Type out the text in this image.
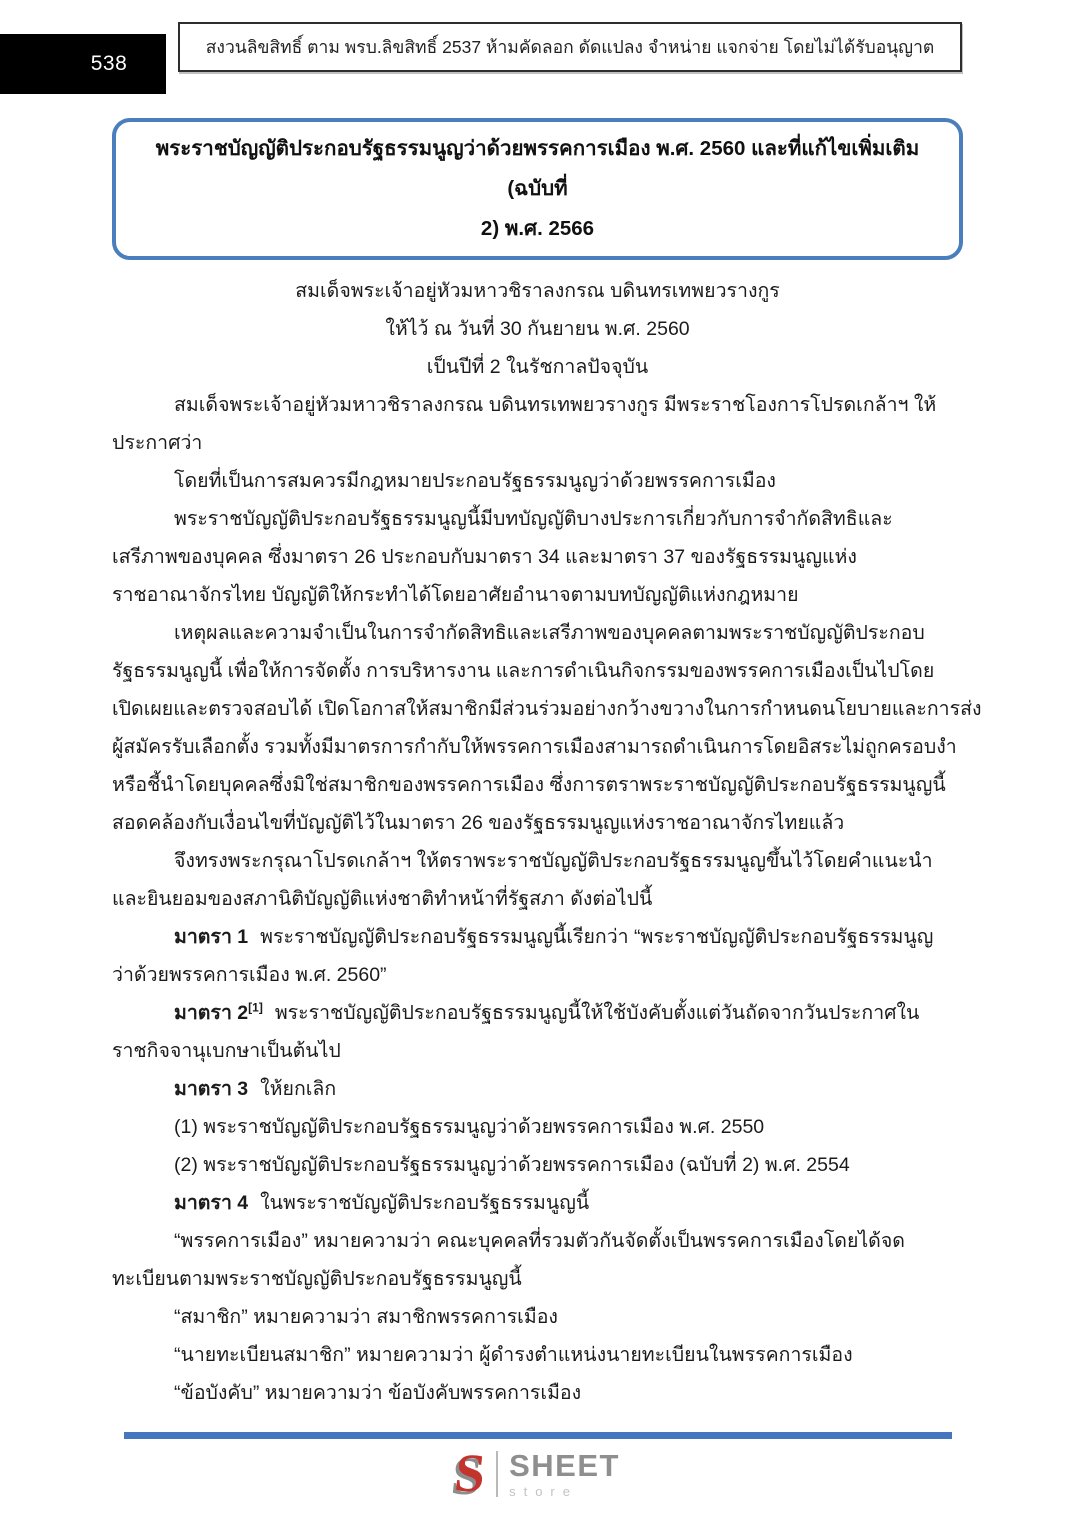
538
สงวนลิขสิทธิ์ ตาม พรบ.ลิขสิทธิ์ 2537 ห้ามคัดลอก ดัดแปลง จำหน่าย แจกจ่าย โดยไม่ได้รับอนุญาต
พระราชบัญญัติประกอบรัฐธรรมนูญว่าด้วยพรรคการเมือง พ.ศ. 2560 และที่แก้ไขเพิ่มเติม (ฉบับที่
2) พ.ศ. 2566
สมเด็จพระเจ้าอยู่หัวมหาวชิราลงกรณ บดินทรเทพยวรางกูร
ให้ไว้ ณ วันที่ 30 กันยายน พ.ศ. 2560
เป็นปีที่ 2 ในรัชกาลปัจจุบัน
สมเด็จพระเจ้าอยู่หัวมหาวชิราลงกรณ บดินทรเทพยวรางกูร มีพระราชโองการโปรดเกล้าฯ ให้
ประกาศว่า
โดยที่เป็นการสมควรมีกฎหมายประกอบรัฐธรรมนูญว่าด้วยพรรคการเมือง
พระราชบัญญัติประกอบรัฐธรรมนูญนี้มีบทบัญญัติบางประการเกี่ยวกับการจำกัดสิทธิและ
เสรีภาพของบุคคล ซึ่งมาตรา 26 ประกอบกับมาตรา 34 และมาตรา 37 ของรัฐธรรมนูญแห่ง
ราชอาณาจักรไทย บัญญัติให้กระทำได้โดยอาศัยอำนาจตามบทบัญญัติแห่งกฎหมาย
เหตุผลและความจำเป็นในการจำกัดสิทธิและเสรีภาพของบุคคลตามพระราชบัญญัติประกอบ
รัฐธรรมนูญนี้ เพื่อให้การจัดตั้ง การบริหารงาน และการดำเนินกิจกรรมของพรรคการเมืองเป็นไปโดย
เปิดเผยและตรวจสอบได้ เปิดโอกาสให้สมาชิกมีส่วนร่วมอย่างกว้างขวางในการกำหนดนโยบายและการส่ง
ผู้สมัครรับเลือกตั้ง รวมทั้งมีมาตรการกำกับให้พรรคการเมืองสามารถดำเนินการโดยอิสระไม่ถูกครอบงำ
หรือชี้นำโดยบุคคลซึ่งมิใช่สมาชิกของพรรคการเมือง ซึ่งการตราพระราชบัญญัติประกอบรัฐธรรมนูญนี้
สอดคล้องกับเงื่อนไขที่บัญญัติไว้ในมาตรา 26 ของรัฐธรรมนูญแห่งราชอาณาจักรไทยแล้ว
จึงทรงพระกรุณาโปรดเกล้าฯ ให้ตราพระราชบัญญัติประกอบรัฐธรรมนูญขึ้นไว้โดยคำแนะนำ
และยินยอมของสภานิติบัญญัติแห่งชาติทำหน้าที่รัฐสภา ดังต่อไปนี้
มาตรา 1 พระราชบัญญัติประกอบรัฐธรรมนูญนี้เรียกว่า “พระราชบัญญัติประกอบรัฐธรรมนูญ
ว่าด้วยพรรคการเมือง พ.ศ. 2560”
มาตรา 2[1] พระราชบัญญัติประกอบรัฐธรรมนูญนี้ให้ใช้บังคับตั้งแต่วันถัดจากวันประกาศใน
ราชกิจจานุเบกษาเป็นต้นไป
มาตรา 3 ให้ยกเลิก
(1) พระราชบัญญัติประกอบรัฐธรรมนูญว่าด้วยพรรคการเมือง พ.ศ. 2550
(2) พระราชบัญญัติประกอบรัฐธรรมนูญว่าด้วยพรรคการเมือง (ฉบับที่ 2) พ.ศ. 2554
มาตรา 4 ในพระราชบัญญัติประกอบรัฐธรรมนูญนี้
“พรรคการเมือง” หมายความว่า คณะบุคคลที่รวมตัวกันจัดตั้งเป็นพรรคการเมืองโดยได้จด
ทะเบียนตามพระราชบัญญัติประกอบรัฐธรรมนูญนี้
“สมาชิก” หมายความว่า สมาชิกพรรคการเมือง
“นายทะเบียนสมาชิก” หมายความว่า ผู้ดำรงตำแหน่งนายทะเบียนในพรรคการเมือง
“ข้อบังคับ” หมายความว่า ข้อบังคับพรรคการเมือง
S SHEET
store
